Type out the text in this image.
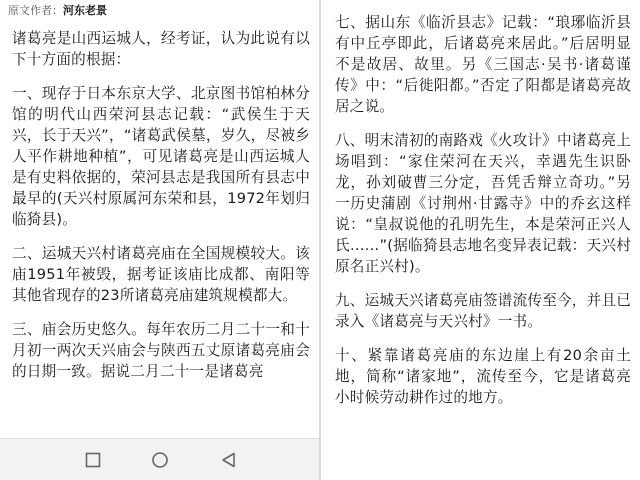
原文作者：河东老景

诸葛亮是山西运城人，经考证，认为此说有以下十方面的根据：

一、现存于日本东京大学、北京图书馆柏林分馆的明代山西荣河县志记载：“武侯生于天兴，长于天兴”，“诸葛武侯墓，岁久，尽被乡人平作耕地种植”，可见诸葛亮是山西运城人是有史料依据的，荣河县志是我国所有县志中最早的(天兴村原属河东荣和县，1972年划归临猗县)。

二、运城天兴村诸葛亮庙在全国规模较大。该庙1951年被毁，据考证该庙比成都、南阳等其他省现存的23所诸葛亮庙建筑规模都大。

三、庙会历史悠久。每年农历二月二十一和十月初一两次天兴庙会与陕西五丈原诸葛亮庙会的日期一致。据说二月二十一是诸葛亮

七、据山东《临沂县志》记载：“琅琊临沂县有中丘亭即此，后诸葛亮来居此。”后居明显不是故居、故里。另《三国志·吴书·诸葛谨传》中：“后徙阳都。”否定了阳都是诸葛亮故居之说。

八、明末清初的南路戏《火攻计》中诸葛亮上场唱到：“家住荣河在天兴，幸遇先生识卧龙，孙刘破曹三分定，吾凭舌辩立奇功。”另一历史蒲剧《讨荆州·甘露寺》中的乔玄这样说：“皇叔说他的孔明先生，本是荣河正兴人氏……”(据临猗县志地名变异表记载：天兴村原名正兴村)。

九、运城天兴诸葛亮庙签谱流传至今，并且已录入《诸葛亮与天兴村》一书。

十、紧靠诸葛亮庙的东边崖上有20余亩土地，简称“诸家地”，流传至今，它是诸葛亮小时候劳动耕作过的地方。
